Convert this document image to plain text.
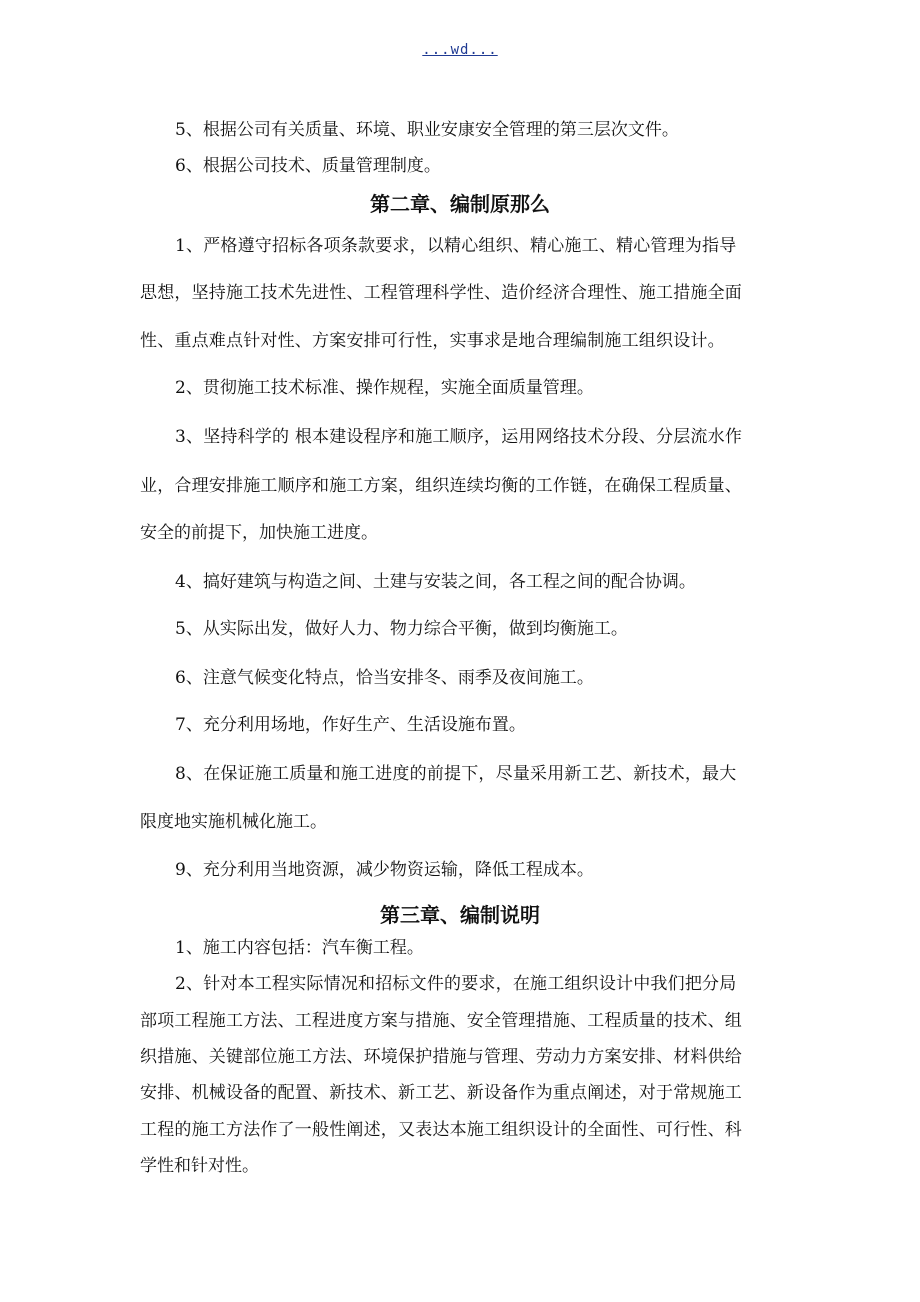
...wd...
5、根据公司有关质量、环境、职业安康安全管理的第三层次文件。
6、根据公司技术、质量管理制度。
第二章、编制原那么
1、严格遵守招标各项条款要求，以精心组织、精心施工、精心管理为指导
思想，坚持施工技术先进性、工程管理科学性、造价经济合理性、施工措施全面
性、重点难点针对性、方案安排可行性，实事求是地合理编制施工组织设计。
2、贯彻施工技术标准、操作规程，实施全面质量管理。
3、坚持科学的 根本建设程序和施工顺序，运用网络技术分段、分层流水作
业，合理安排施工顺序和施工方案，组织连续均衡的工作链，在确保工程质量、
安全的前提下，加快施工进度。
4、搞好建筑与构造之间、土建与安装之间，各工程之间的配合协调。
5、从实际出发，做好人力、物力综合平衡，做到均衡施工。
6、注意气候变化特点，恰当安排冬、雨季及夜间施工。
7、充分利用场地，作好生产、生活设施布置。
8、在保证施工质量和施工进度的前提下，尽量采用新工艺、新技术，最大
限度地实施机械化施工。
9、充分利用当地资源，减少物资运输，降低工程成本。
第三章、编制说明
1、施工内容包括：汽车衡工程。
2、针对本工程实际情况和招标文件的要求，在施工组织设计中我们把分局
部项工程施工方法、工程进度方案与措施、安全管理措施、工程质量的技术、组
织措施、关键部位施工方法、环境保护措施与管理、劳动力方案安排、材料供给
安排、机械设备的配置、新技术、新工艺、新设备作为重点阐述，对于常规施工
工程的施工方法作了一般性阐述，又表达本施工组织设计的全面性、可行性、科
学性和针对性。
